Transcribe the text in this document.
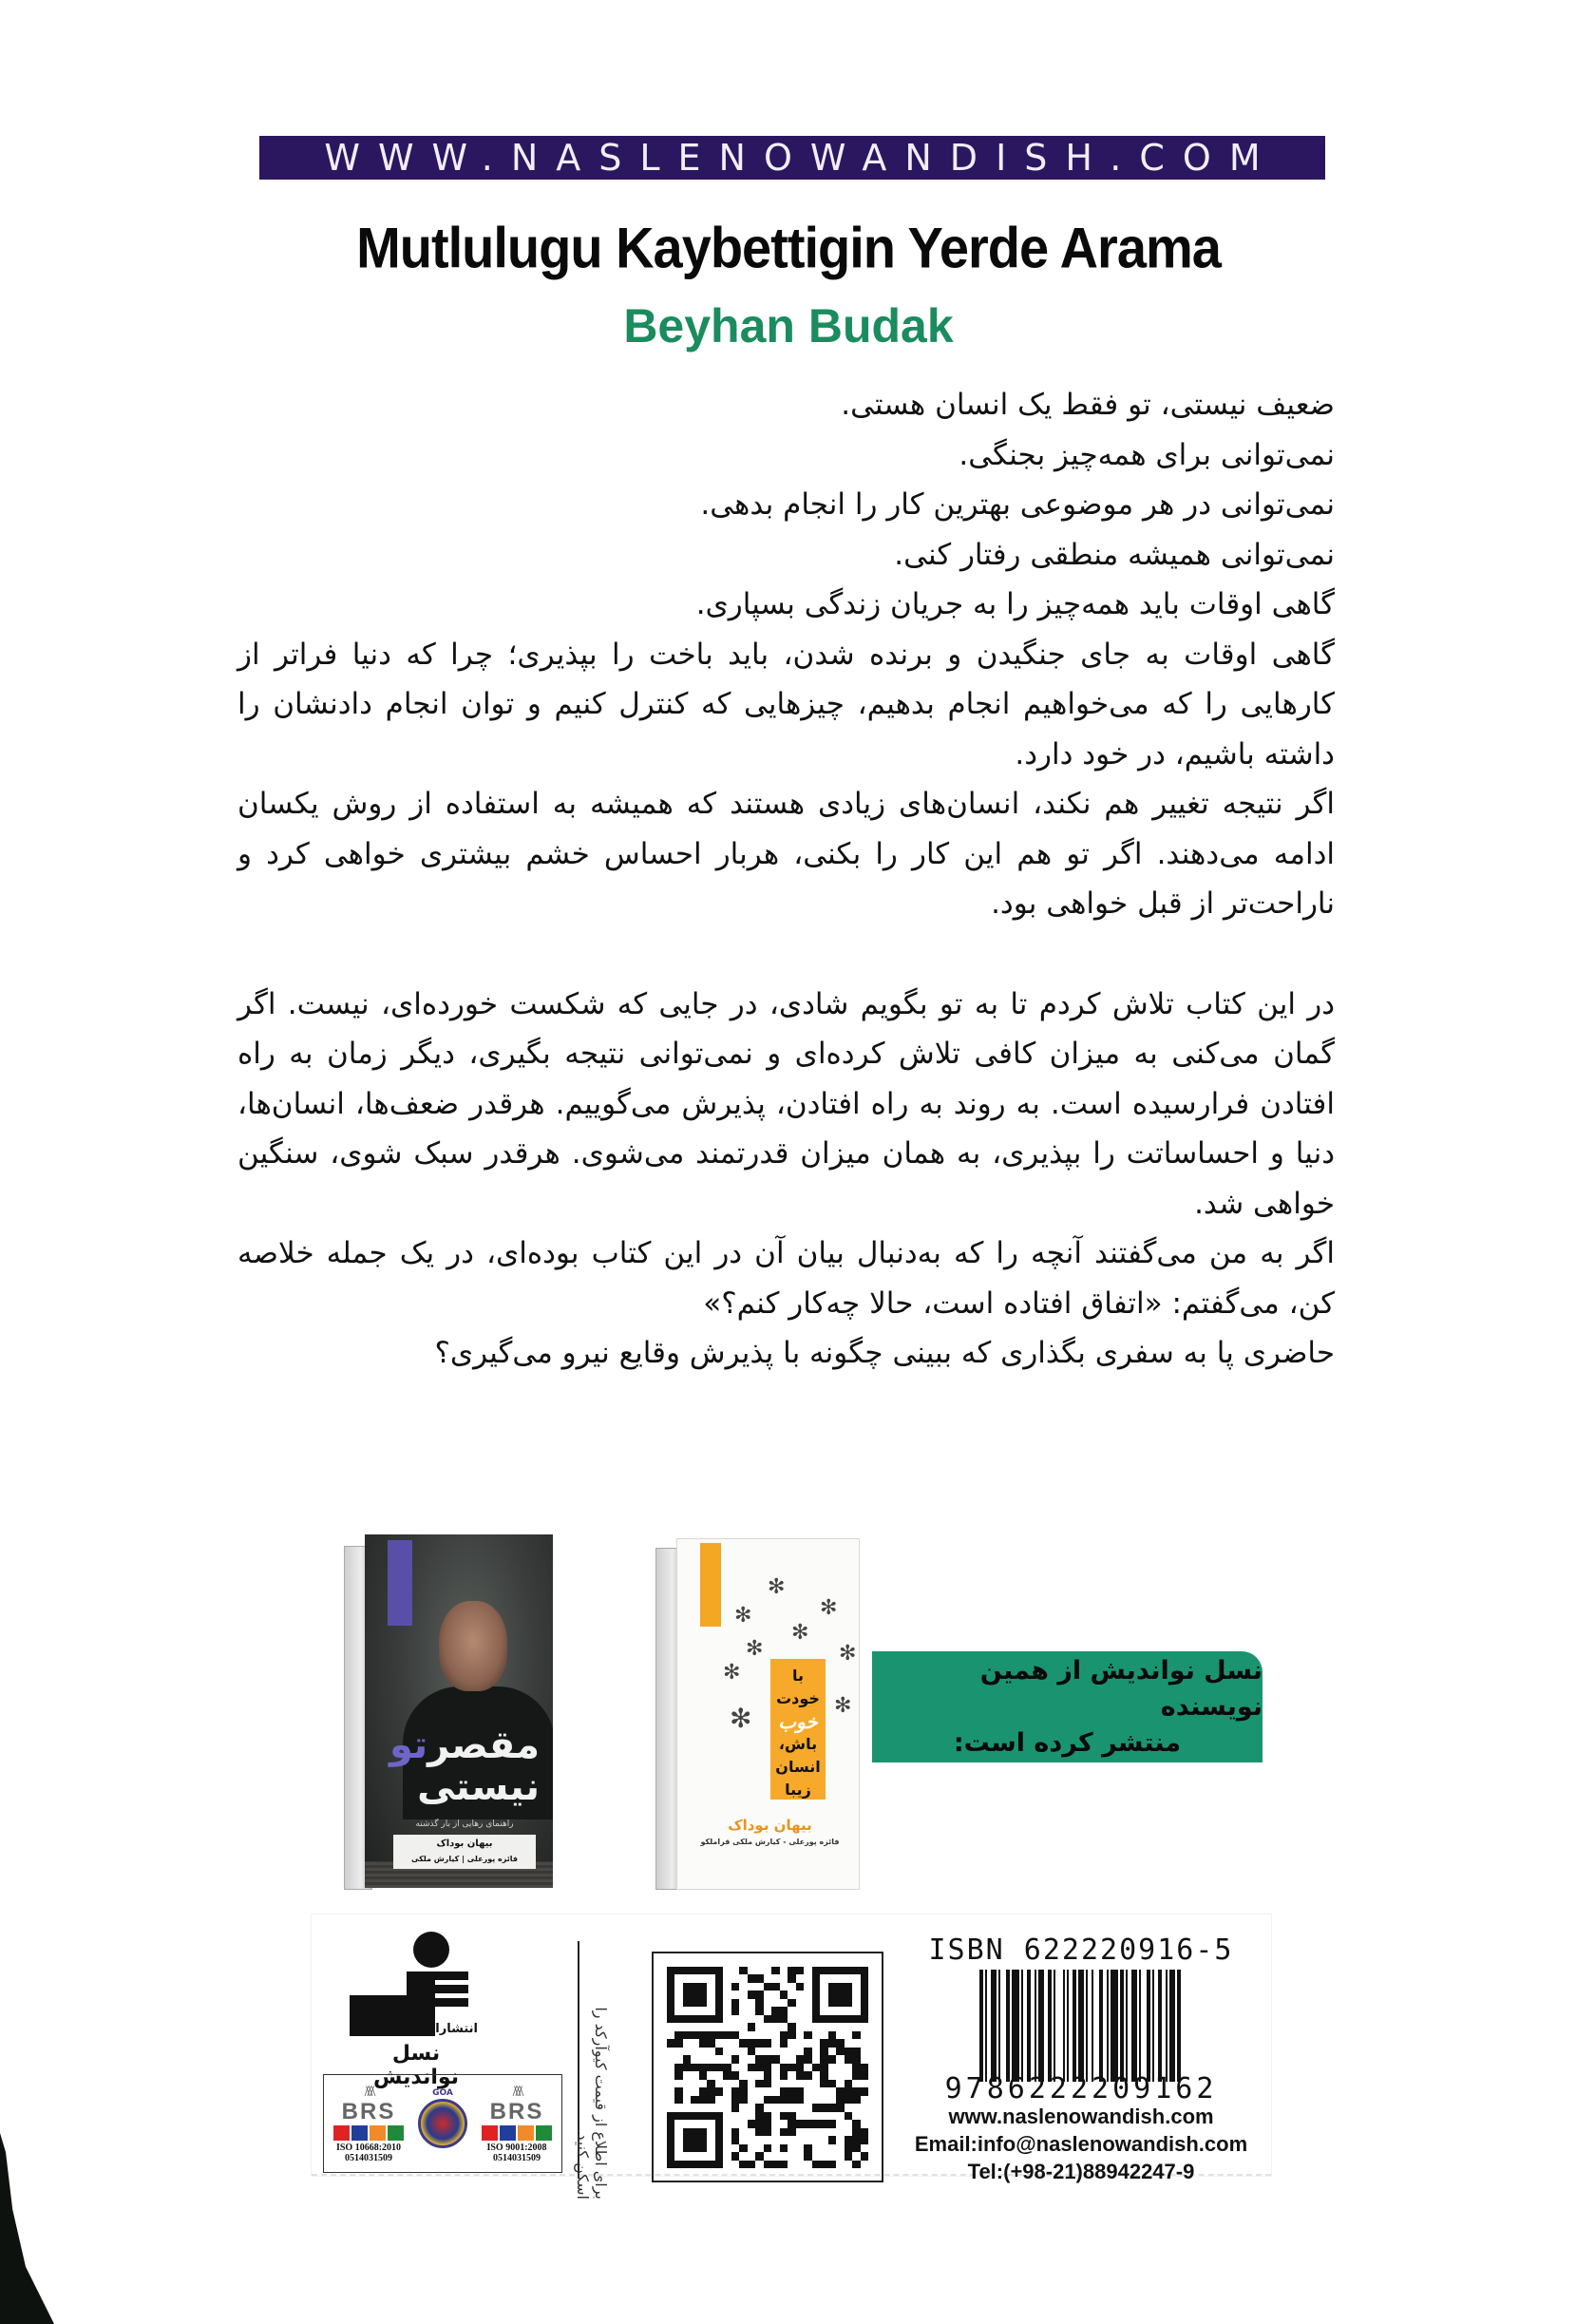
WWW.NASLENOWANDISH.COM
Mutlulugu Kaybettigin Yerde Arama
Beyhan Budak

ضعیف نیستی، تو فقط یک انسان هستی.

نمی‌توانی برای همه‌چیز بجنگی.

نمی‌توانی در هر موضوعی بهترین کار را انجام بدهی.

نمی‌توانی همیشه منطقی رفتار کنی.

گاهی اوقات باید همه‌چیز را به جریان زندگی بسپاری.

گاهی اوقات به جای جنگیدن و برنده شدن، باید باخت را بپذیری؛ چرا که دنیا فراتر از کارهایی را که می‌خواهیم انجام بدهیم، چیزهایی که کنترل کنیم و توان انجام دادنشان را داشته باشیم، در خود دارد.

اگر نتیجه تغییر هم نکند، انسان‌های زیادی هستند که همیشه به استفاده از روش یکسان ادامه می‌دهند. اگر تو هم این کار را بکنی، هربار احساس خشم بیشتری خواهی کرد و ناراحت‌تر از قبل خواهی بود.

در این کتاب تلاش کردم تا به تو بگویم شادی، در جایی که شکست خورده‌ای، نیست. اگر گمان می‌کنی به میزان کافی تلاش کرده‌ای و نمی‌توانی نتیجه بگیری، دیگر زمان به راه افتادن فرارسیده است. به روند به راه افتادن، پذیرش می‌گوییم. هرقدر ضعف‌ها، انسان‌ها، دنیا و احساساتت را بپذیری، به همان میزان قدرتمند می‌شوی. هرقدر سبک شوی، سنگین خواهی شد.

اگر به من می‌گفتند آنچه را که به‌دنبال بیان آن در این کتاب بوده‌ای، در یک جمله خلاصه کن، می‌گفتم: «اتفاق افتاده است، حالا چه‌کار کنم؟»

حاضری پا به سفری بگذاری که ببینی چگونه با پذیرش وقایع نیرو می‌گیری؟

مقصرتو
نیستی
راهنمای رهایی از بار گذشته
بیهان بوداک
فائزه پورعلی | کیارش ملکی
✻
✻
✻
✻
✻	✻
✻
✻
✻
با خودت
خوب
باش،
انسان
زیبا
بیهان بوداک
فائزه پورعلی - کیارش ملکی قراملکو
نسل نواندیش از همین نویسنده
منتشر کرده است:
انتشارات
نسل نواندیش
/\/\/\
BRS
ISO 10668:2010
0514031509
GOA	/\/\/\
BRS
ISO 9001:2008
0514031509	برای اطلاع از قیمت کیوآرکد را اسکن کنید.
ISBN 622220916-5
9786222209162
www.naslenowandish.com
Email:info@naslenowandish.com
Tel:(+98-21)88942247-9
